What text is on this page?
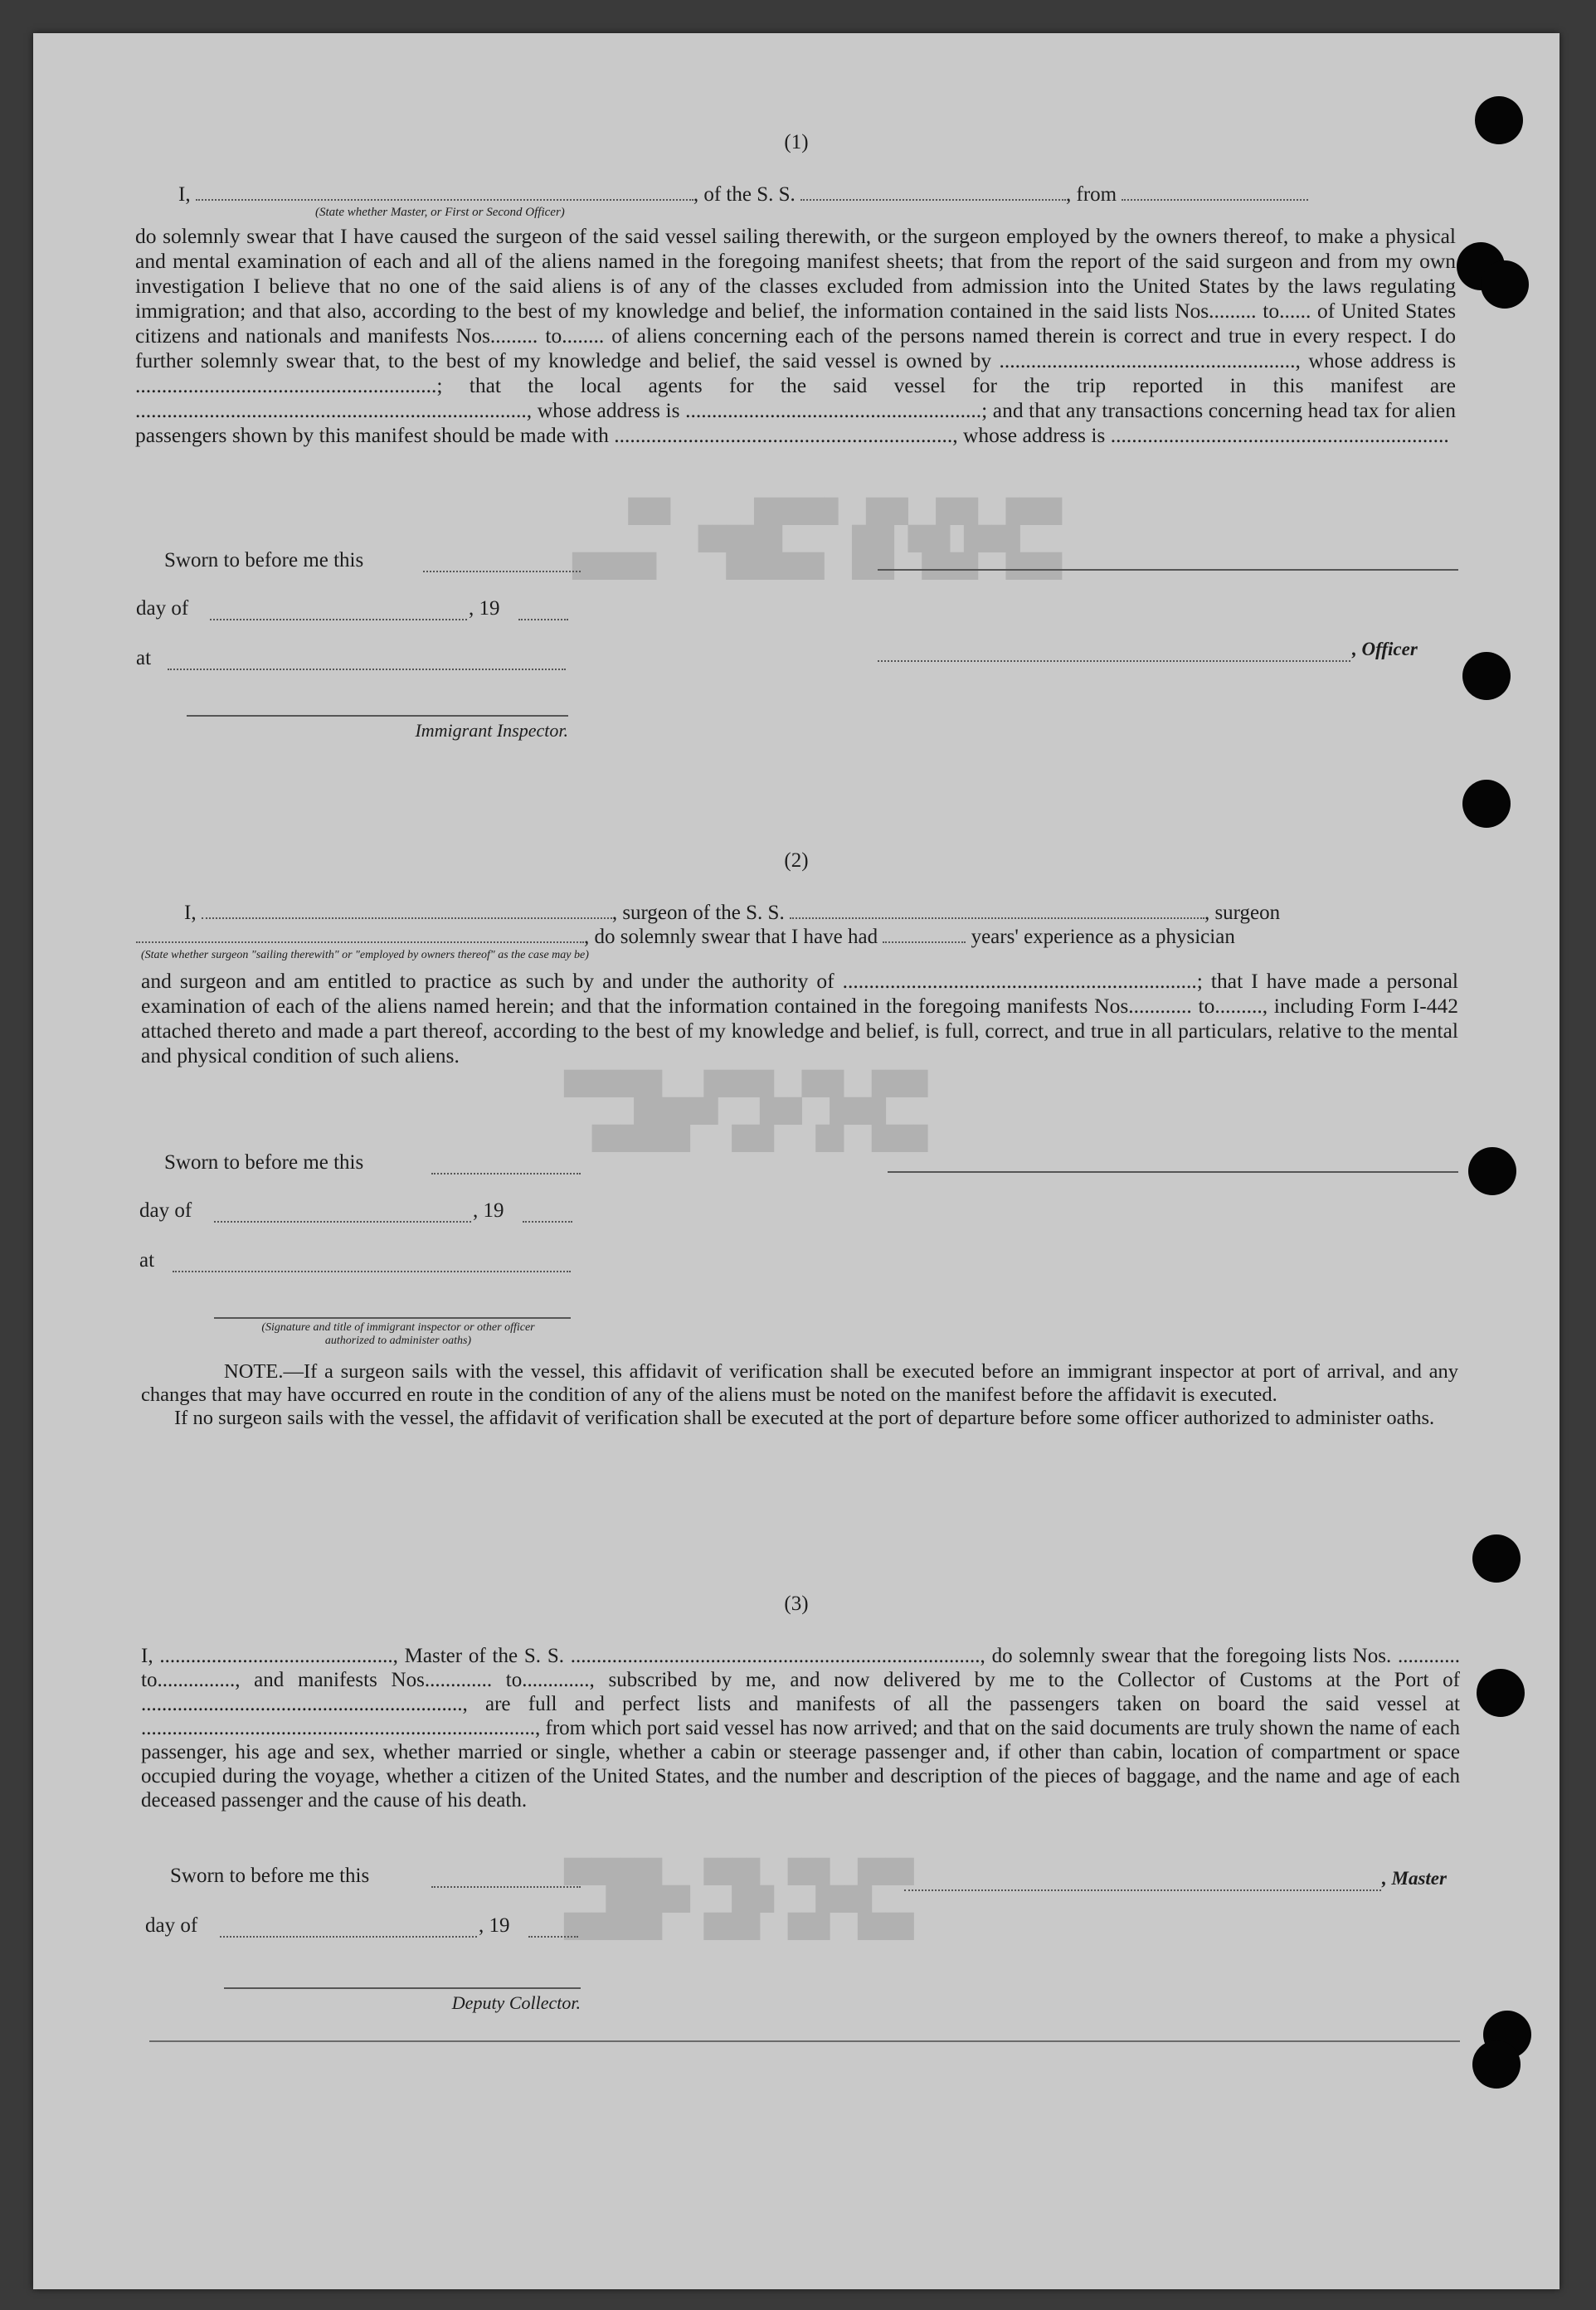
████  ███  ███  ██████      ███
████ ███ ███     ██████
████  ████  ███  ███████     ██████
████  ███  █████   ███████
████  ███   ██████
████  ██   ███   ███████
████  ███  ████   ███████
████   ███   ██████
████  ███  ████   ███████
(1)
I,	, of the S. S.	, from
(State whether Master, or First or Second Officer)

do solemnly swear that I have caused the surgeon of the said vessel sailing therewith, or the surgeon employed by the owners thereof, to make a physical and mental examination of each and all of the aliens named in the foregoing manifest sheets; that from the report of the said surgeon and from my own investigation I believe that no one of the said aliens is of any of the classes excluded from admission into the United States by the laws regulating immigration; and that also, according to the best of my knowledge and belief, the information contained in the said lists Nos......... to...... of United States citizens and nationals and manifests Nos......... to........ of aliens concerning each of the persons named therein is correct and true in every respect. I do further solemnly swear that, to the best of my knowledge and belief, the said vessel is owned by ........................................................, whose address is .........................................................; that the local agents for the said vessel for the trip reported in this manifest are .........................................................................., whose address is ........................................................; and that any transactions concerning head tax for alien passengers shown by this manifest should be made with ................................................................, whose address is ................................................................

Sworn to before me this
day of	, 19
, Officer
at
Immigrant Inspector.
(2)
I,	, surgeon of the S. S.	, surgeon
, do solemnly swear that I have had	years' experience as a physician
(State whether surgeon "sailing therewith" or "employed by owners thereof" as the case may be)

and surgeon and am entitled to practice as such by and under the authority of ...................................................................; that I have made a personal examination of each of the aliens named herein; and that the information contained in the foregoing manifests Nos............ to........., including Form I-442 attached thereto and made a part thereof, according to the best of my knowledge and belief, is full, correct, and true in all particulars, relative to the mental and physical condition of such aliens.

Sworn to before me this
day of	, 19
at
(Signature and title of immigrant inspector or other officer authorized to administer oaths)

NOTE.—If a surgeon sails with the vessel, this affidavit of verification shall be executed before an immigrant inspector at port of arrival, and any changes that may have occurred en route in the condition of any of the aliens must be noted on the manifest before the affidavit is executed.

If no surgeon sails with the vessel, the affidavit of verification shall be executed at the port of departure before some officer authorized to administer oaths.

(3)

I, ............................................., Master of the S. S. ..............................................................................., do solemnly swear that the foregoing lists Nos. ............ to..............., and manifests Nos............. to............., subscribed by me, and now delivered by me to the Collector of Customs at the Port of .............................................................., are full and perfect lists and manifests of all the passengers taken on board the said vessel at ............................................................................, from which port said vessel has now arrived; and that on the said documents are truly shown the name of each passenger, his age and sex, whether married or single, whether a cabin or steerage passenger and, if other than cabin, location of compartment or space occupied during the voyage, whether a citizen of the United States, and the number and description of the pieces of baggage, and the name and age of each deceased passenger and the cause of his death.

Sworn to before me this	, Master
day of	, 19
Deputy Collector.
